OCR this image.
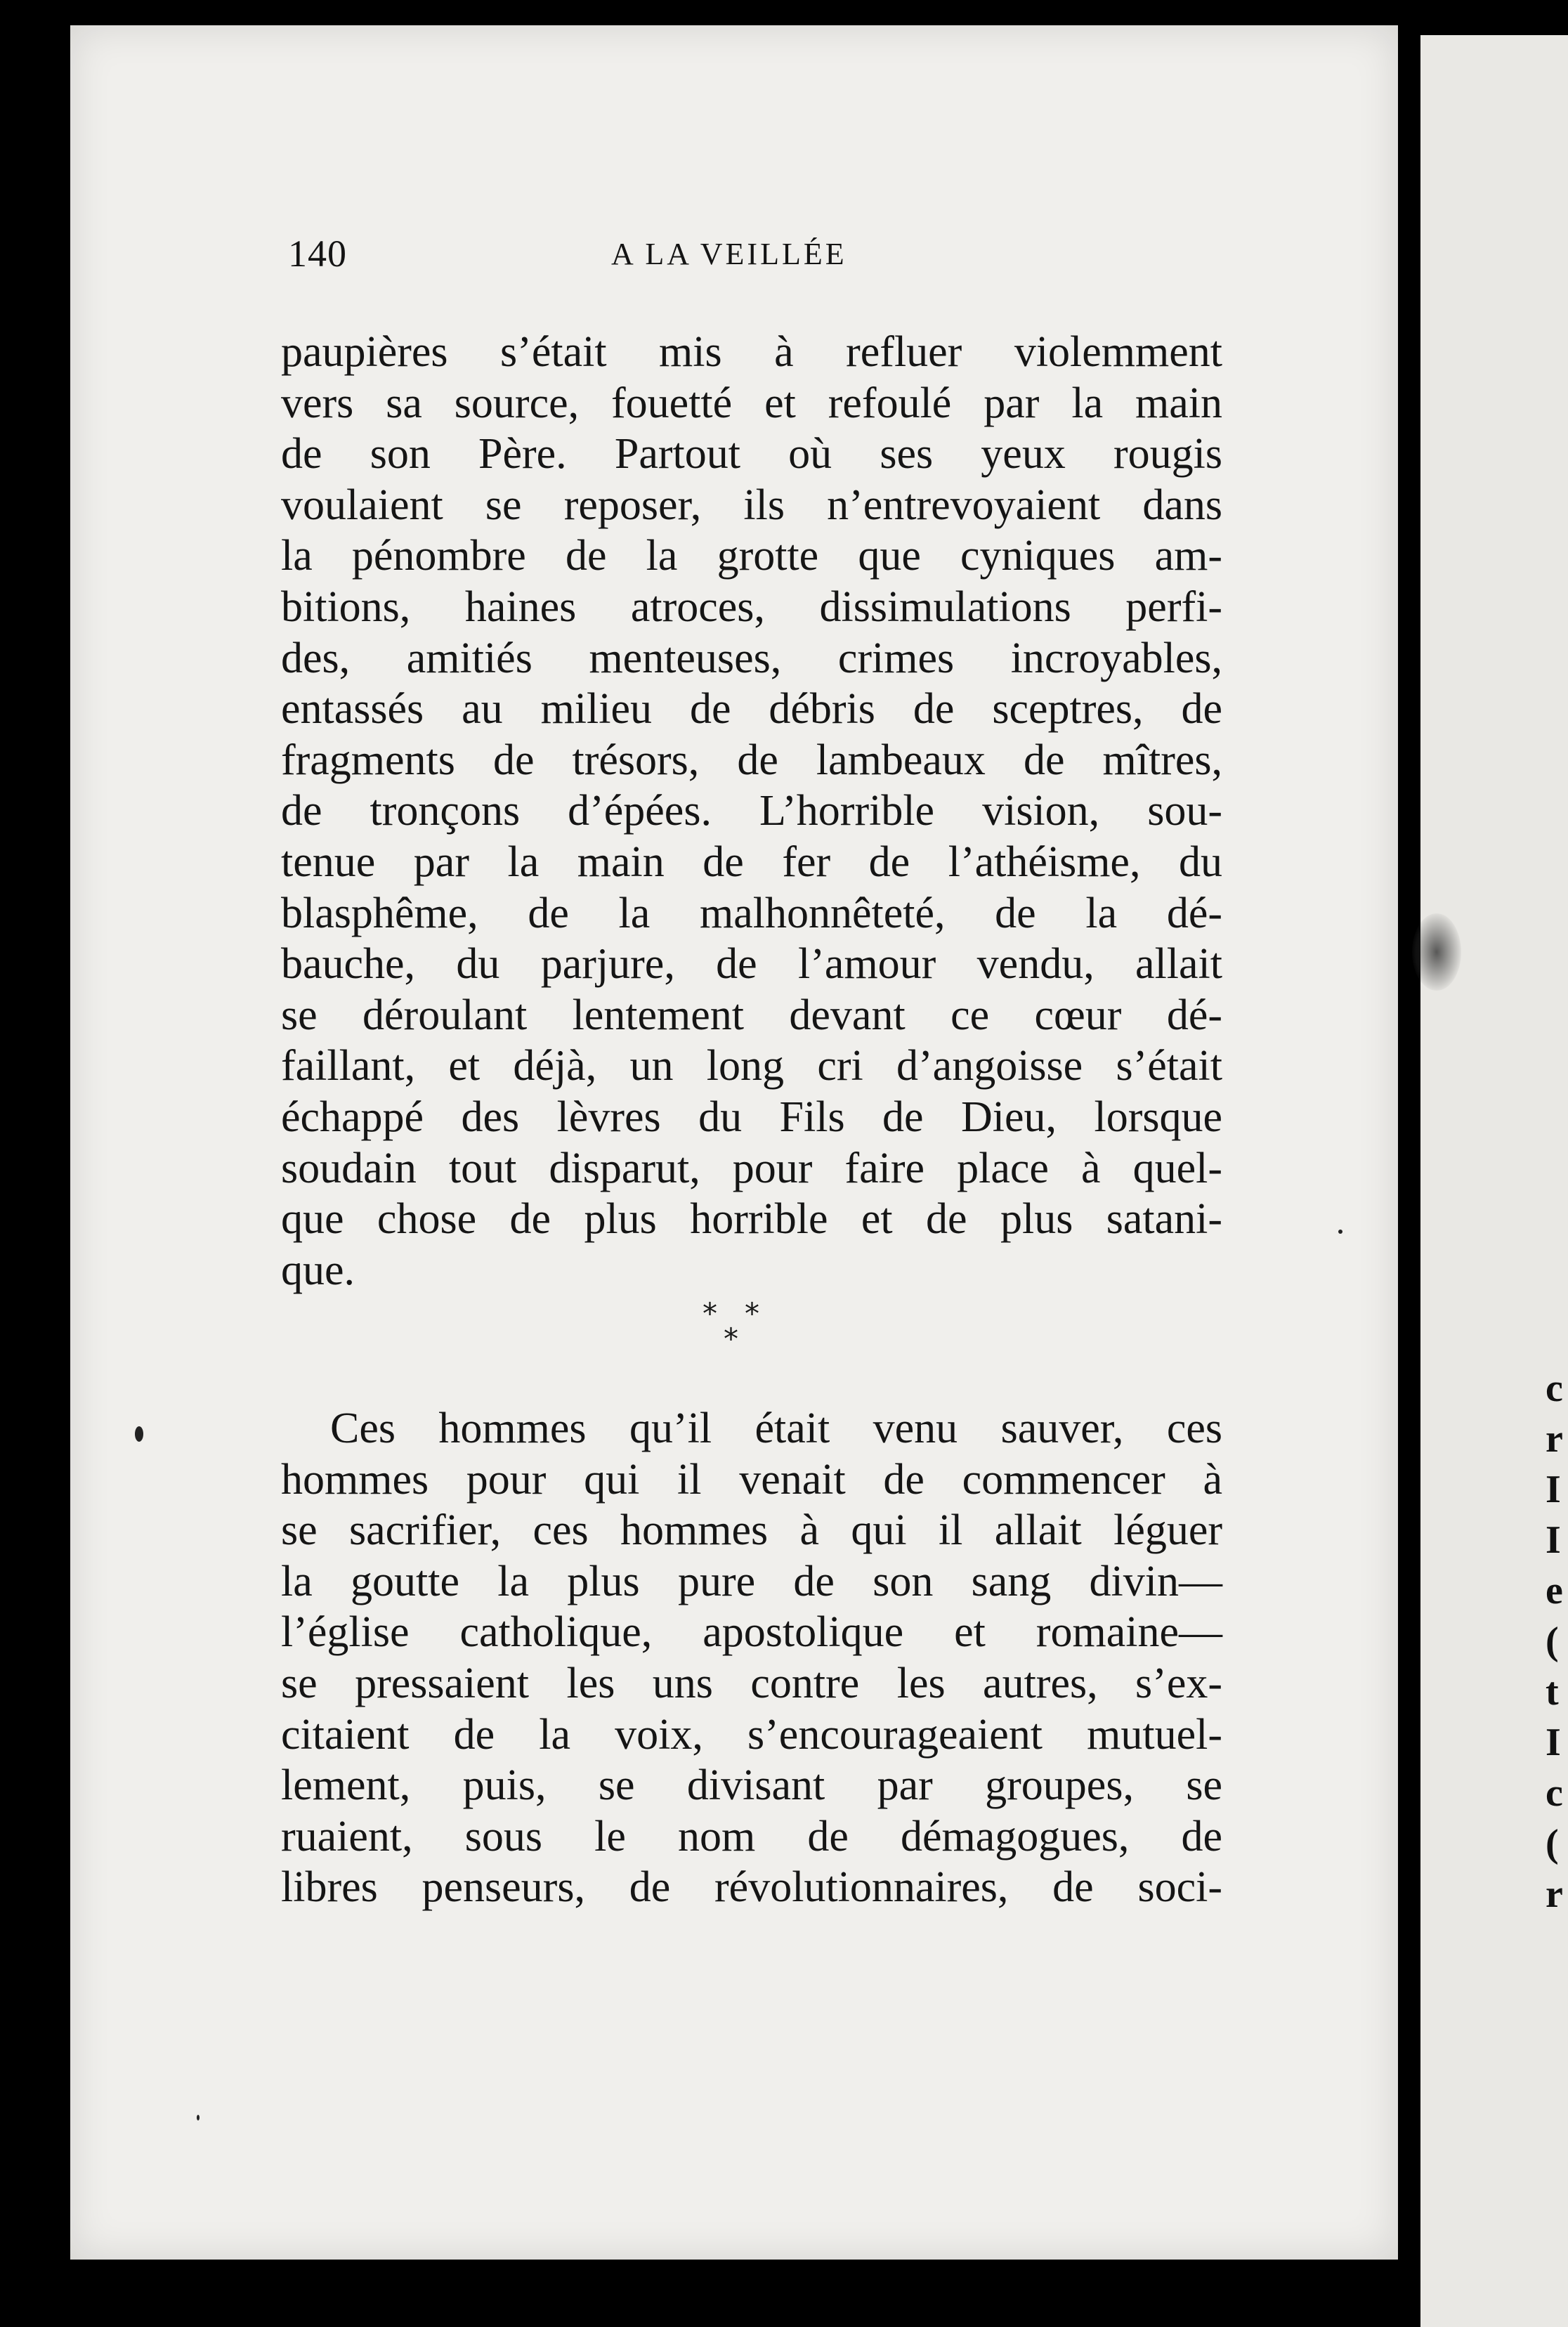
c
r
I
I
e
(
t
I
c
(
r
140	A LA VEILLÉE
paupières s’était mis à refluer violemment
vers sa source, fouetté et refoulé par la main
de son Père. Partout où ses yeux rougis
voulaient se reposer, ils n’entrevoyaient dans
la pénombre de la grotte que cyniques am-
bitions, haines atroces, dissimulations perfi-
des, amitiés menteuses, crimes incroyables,
entassés au milieu de débris de sceptres, de
fragments de trésors, de lambeaux de mîtres,
de tronçons d’épées. L’horrible vision, sou-
tenue par la main de fer de l’athéisme, du
blasphême, de la malhonnêteté, de la dé-
bauche, du parjure, de l’amour vendu, allait
se déroulant lentement devant ce cœur dé-
faillant, et déjà, un long cri d’angoisse s’était
échappé des lèvres du Fils de Dieu, lorsque
soudain tout disparut, pour faire place à quel-
que chose de plus horrible et de plus satani-
que.
* *
*
Ces hommes qu’il était venu sauver, ces
hommes pour qui il venait de commencer à
se sacrifier, ces hommes à qui il allait léguer
la goutte la plus pure de son sang divin—
l’église catholique, apostolique et romaine—
se pressaient les uns contre les autres, s’ex-
citaient de la voix, s’encourageaient mutuel-
lement, puis, se divisant par groupes, se
ruaient, sous le nom de démagogues, de
libres penseurs, de révolutionnaires, de soci-
